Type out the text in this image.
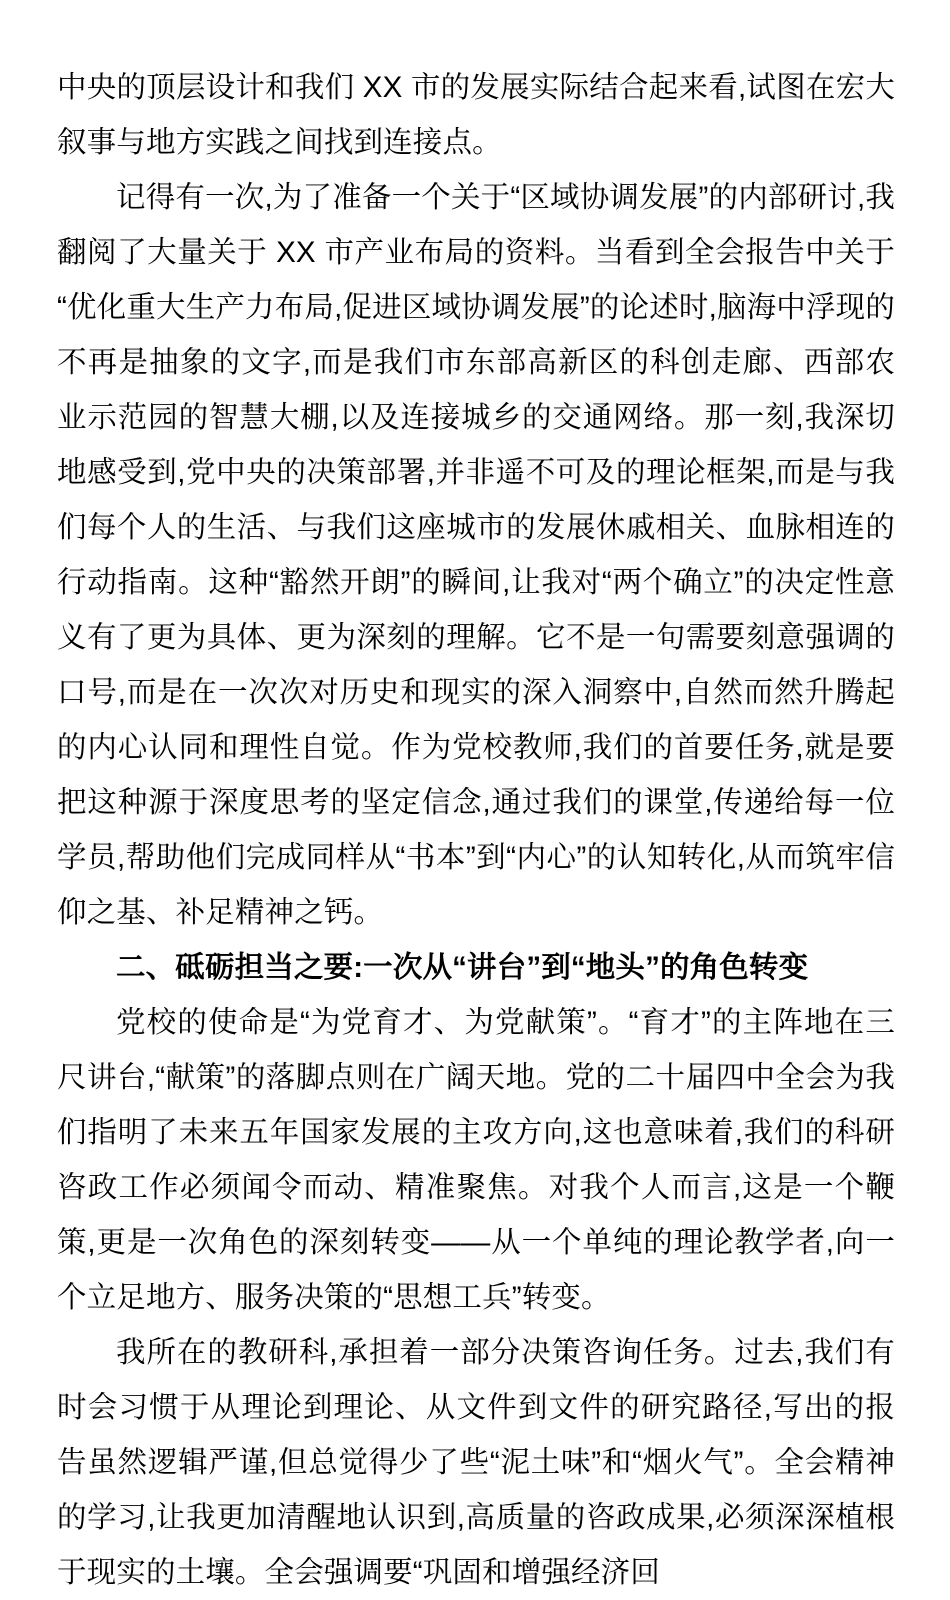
中央的顶层设计和我们 XX 市的发展实际结合起来看,试图在宏大叙事与地方实践之间找到连接点。

记得有一次,为了准备一个关于“区域协调发展”的内部研讨,我翻阅了大量关于 XX 市产业布局的资料。当看到全会报告中关于“优化重大生产力布局,促进区域协调发展”的论述时,脑海中浮现的不再是抽象的文字,而是我们市东部高新区的科创走廊、西部农业示范园的智慧大棚,以及连接城乡的交通网络。那一刻,我深切地感受到,党中央的决策部署,并非遥不可及的理论框架,而是与我们每个人的生活、与我们这座城市的发展休戚相关、血脉相连的行动指南。这种“豁然开朗”的瞬间,让我对“两个确立”的决定性意义有了更为具体、更为深刻的理解。它不是一句需要刻意强调的口号,而是在一次次对历史和现实的深入洞察中,自然而然升腾起的内心认同和理性自觉。作为党校教师,我们的首要任务,就是要把这种源于深度思考的坚定信念,通过我们的课堂,传递给每一位学员,帮助他们完成同样从“书本”到“内心”的认知转化,从而筑牢信仰之基、补足精神之钙。

二、砥砺担当之要:一次从“讲台”到“地头”的角色转变

党校的使命是“为党育才、为党献策”。“育才”的主阵地在三尺讲台,“献策”的落脚点则在广阔天地。党的二十届四中全会为我们指明了未来五年国家发展的主攻方向,这也意味着,我们的科研咨政工作必须闻令而动、精准聚焦。对我个人而言,这是一个鞭策,更是一次角色的深刻转变——从一个单纯的理论教学者,向一个立足地方、服务决策的“思想工兵”转变。

我所在的教研科,承担着一部分决策咨询任务。过去,我们有时会习惯于从理论到理论、从文件到文件的研究路径,写出的报告虽然逻辑严谨,但总觉得少了些“泥土味”和“烟火气”。全会精神的学习,让我更加清醒地认识到,高质量的咨政成果,必须深深植根于现实的土壤。全会强调要“巩固和增强经济回
